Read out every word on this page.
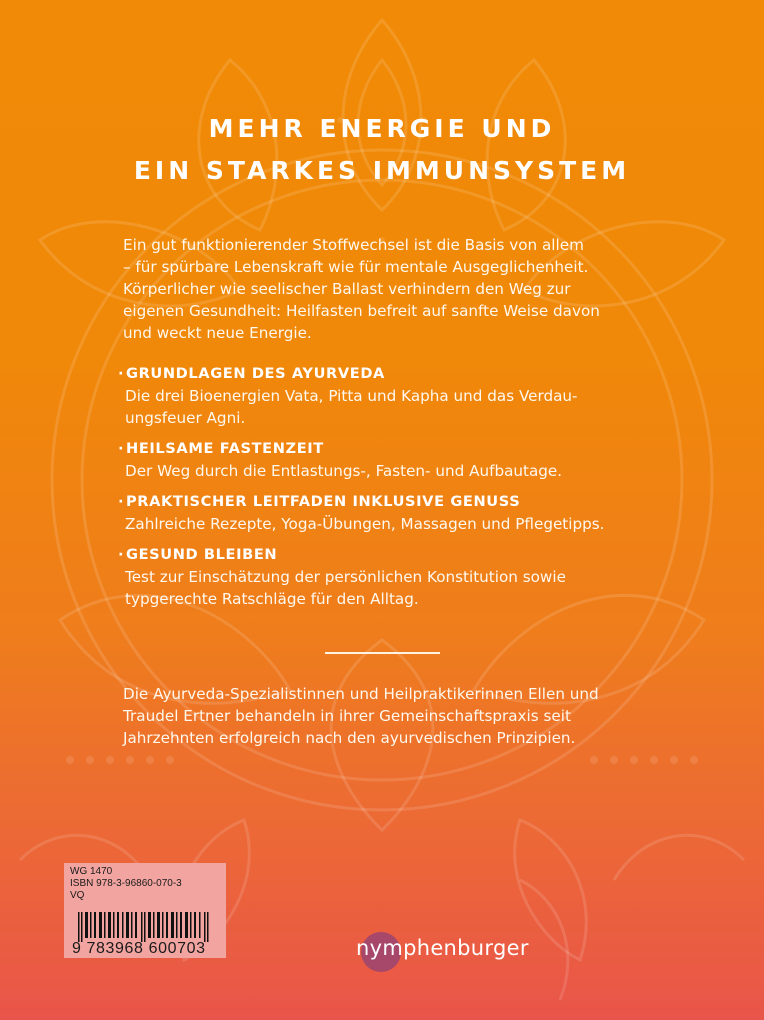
MEHR ENERGIE UND
EIN STARKES IMMUNSYSTEM
Ein gut funktionierender Stoffwechsel ist die Basis von allem
– für spürbare Lebenskraft wie für mentale Ausgeglichenheit.
Körperlicher wie seelischer Ballast verhindern den Weg zur
eigenen Gesundheit: Heilfasten befreit auf sanfte Weise davon
und weckt neue Energie.
· GRUNDLAGEN DES AYURVEDA
Die drei Bioenergien Vata, Pitta und Kapha und das Verdau-
ungsfeuer Agni.
· HEILSAME FASTENZEIT
Der Weg durch die Entlastungs-, Fasten- und Aufbautage.
· PRAKTISCHER LEITFADEN INKLUSIVE GENUSS
Zahlreiche Rezepte, Yoga-Übungen, Massagen und Pflegetipps.
· GESUND BLEIBEN
Test zur Einschätzung der persönlichen Konstitution sowie
typgerechte Ratschläge für den Alltag.
Die Ayurveda-Spezialistinnen und Heilpraktikerinnen Ellen und
Traudel Ertner behandeln in ihrer Gemeinschaftspraxis seit
Jahrzehnten erfolgreich nach den ayurvedischen Prinzipien.
WG 1470
ISBN 978-3-96860-070-3
VQ
9 783968 600703	nymphenburger
